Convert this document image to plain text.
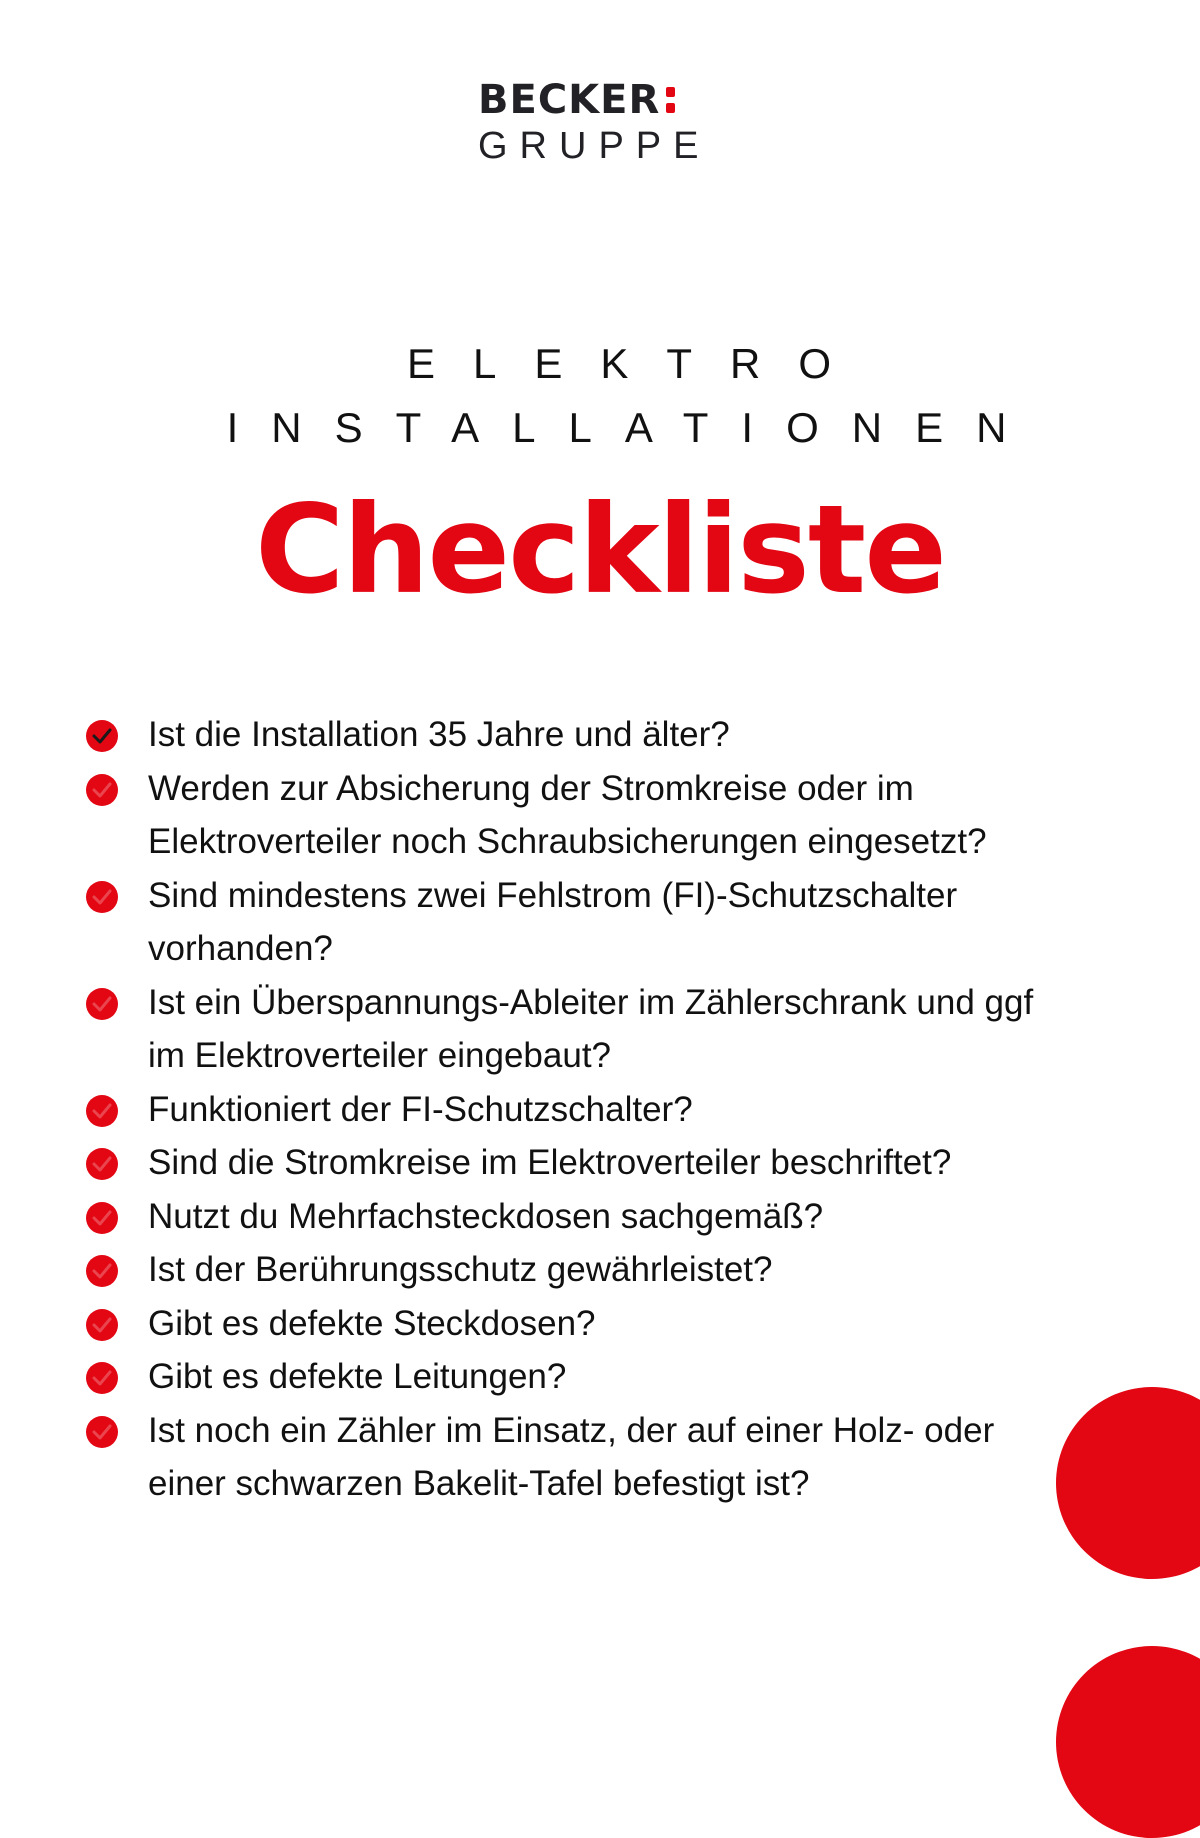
BECKER
GRUPPE
ELEKTRO
INSTALLATIONEN
Checkliste
Ist die Installation 35 Jahre und älter?
Werden zur Absicherung der Stromkreise oder im Elektroverteiler noch Schraubsicherungen eingesetzt?
Sind mindestens zwei Fehlstrom (FI)-Schutzschalter vorhanden?
Ist ein Überspannungs-Ableiter im Zählerschrank und ggf im Elektroverteiler eingebaut?
Funktioniert der FI-Schutzschalter?
Sind die Stromkreise im Elektroverteiler beschriftet?
Nutzt du Mehrfachsteckdosen sachgemäß?
Ist der Berührungsschutz gewährleistet?
Gibt es defekte Steckdosen?
Gibt es defekte Leitungen?
Ist noch ein Zähler im Einsatz, der auf einer Holz- oder einer schwarzen Bakelit-Tafel befestigt ist?
